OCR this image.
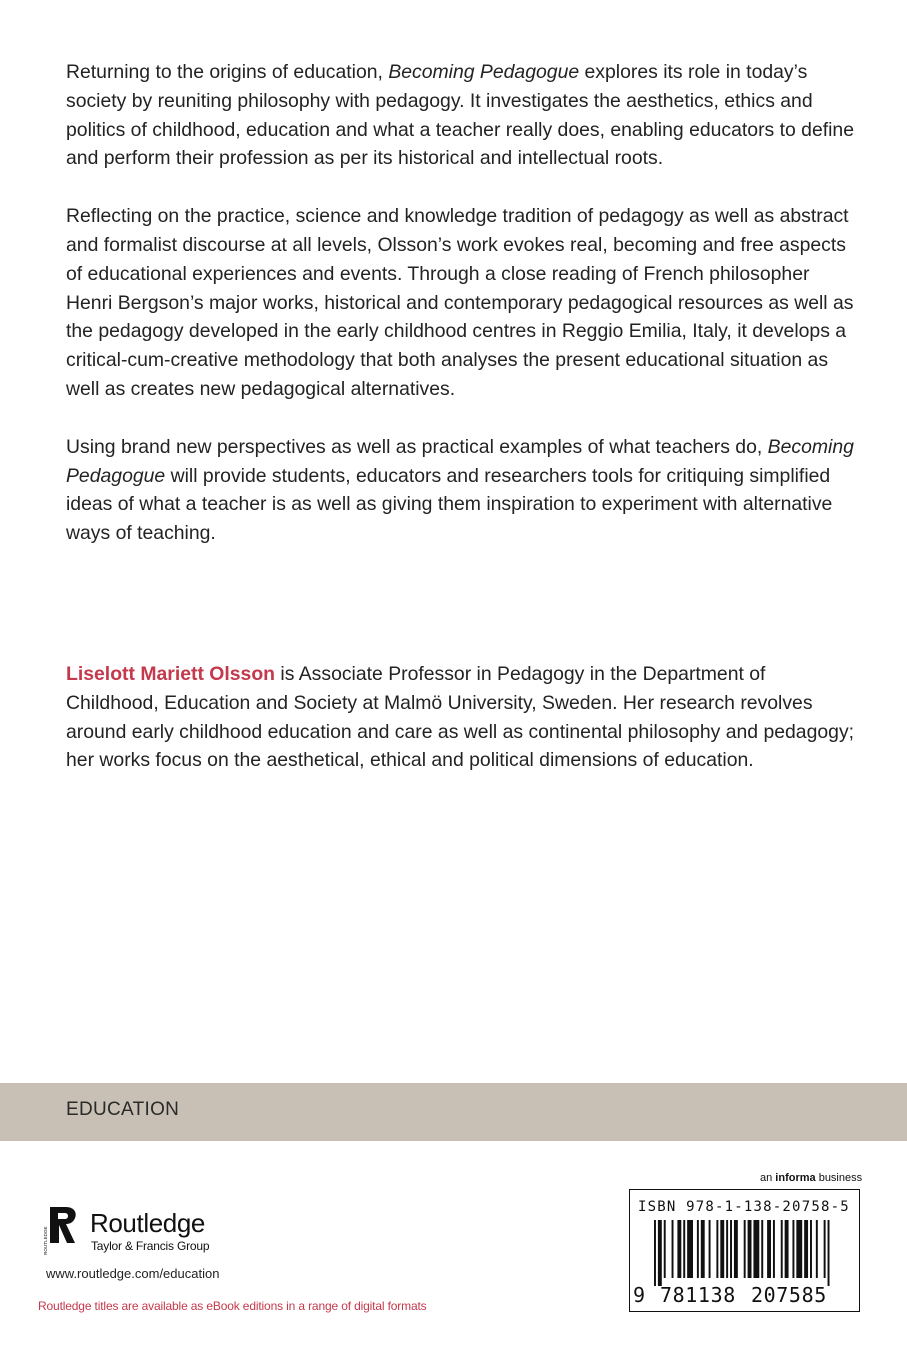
Returning to the origins of education, Becoming Pedagogue explores its role in today’s society by reuniting philosophy with pedagogy. It investigates the aesthetics, ethics and politics of childhood, education and what a teacher really does, enabling educators to define and perform their profession as per its historical and intellectual roots.

Reflecting on the practice, science and knowledge tradition of pedagogy as well as abstract and formalist discourse at all levels, Olsson’s work evokes real, becoming and free aspects of educational experiences and events. Through a close reading of French philosopher Henri Bergson’s major works, historical and contemporary pedagogical resources as well as the pedagogy developed in the early childhood centres in Reggio Emilia, Italy, it develops a critical-cum-creative methodology that both analyses the present educational situation as well as creates new pedagogical alternatives.

Using brand new perspectives as well as practical examples of what teachers do, Becoming Pedagogue will provide students, educators and researchers tools for critiquing simplified ideas of what a teacher is as well as giving them inspiration to experiment with alternative ways of teaching.

Liselott Mariett Olsson is Associate Professor in Pedagogy in the Department of Childhood, Education and Society at Malmö University, Sweden. Her research revolves around early childhood education and care as well as continental philosophy and pedagogy; her works focus on the aesthetical, ethical and political dimensions of education.

EDUCATION
ROUTLEDGE
Routledge
Taylor & Francis Group
www.routledge.com/education
Routledge titles are available as eBook editions in a range of digital formats
an informa business
ISBN 978-1-138-20758-5
9 781138 207585
